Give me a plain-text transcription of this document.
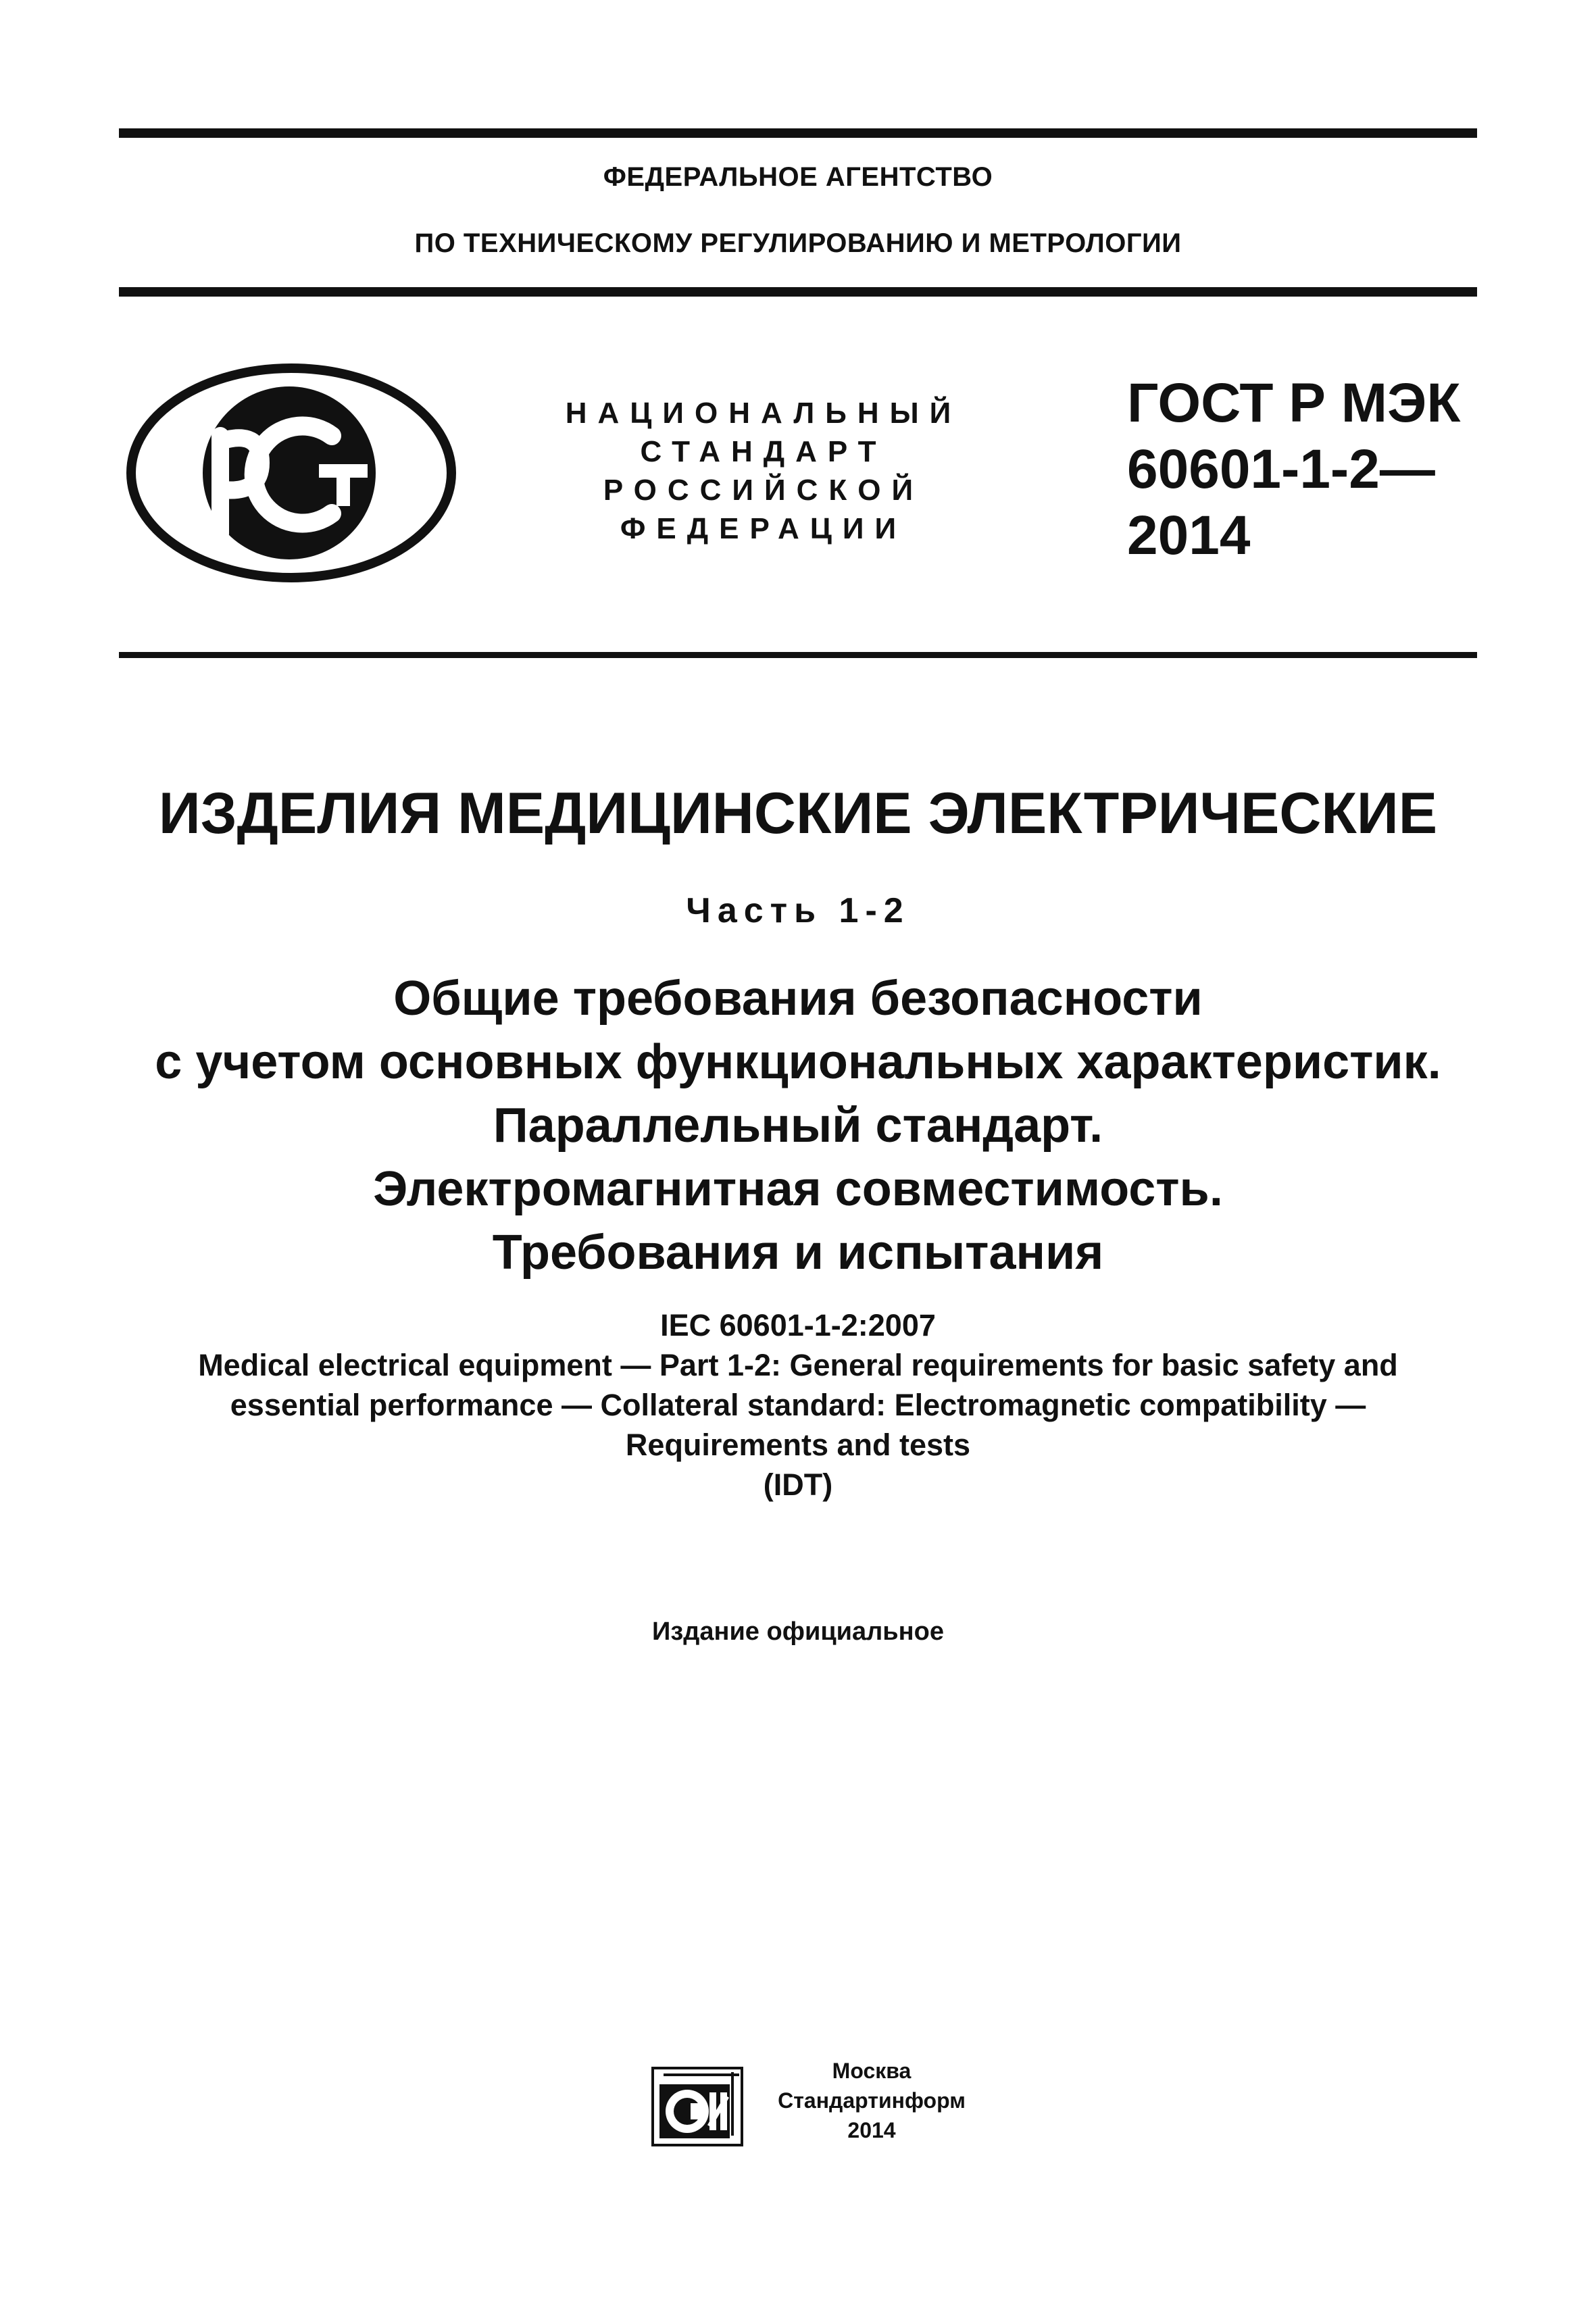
ФЕДЕРАЛЬНОЕ АГЕНТСТВО
ПО ТЕХНИЧЕСКОМУ РЕГУЛИРОВАНИЮ И МЕТРОЛОГИИ
НАЦИОНАЛЬНЫЙ
СТАНДАРТ
РОССИЙСКОЙ
ФЕДЕРАЦИИ
ГОСТ Р МЭК
60601-1-2—
2014
ИЗДЕЛИЯ МЕДИЦИНСКИЕ ЭЛЕКТРИЧЕСКИЕ
Часть 1-2
Общие требования безопасности
с учетом основных функциональных характеристик.
Параллельный стандарт.
Электромагнитная совместимость.
Требования и испытания
IEC 60601-1-2:2007
Medical electrical equipment — Part 1-2: General requirements for basic safety and
essential performance — Collateral standard: Electromagnetic compatibility —
Requirements and tests
(IDT)
Издание официальное
Москва
Стандартинформ
2014
